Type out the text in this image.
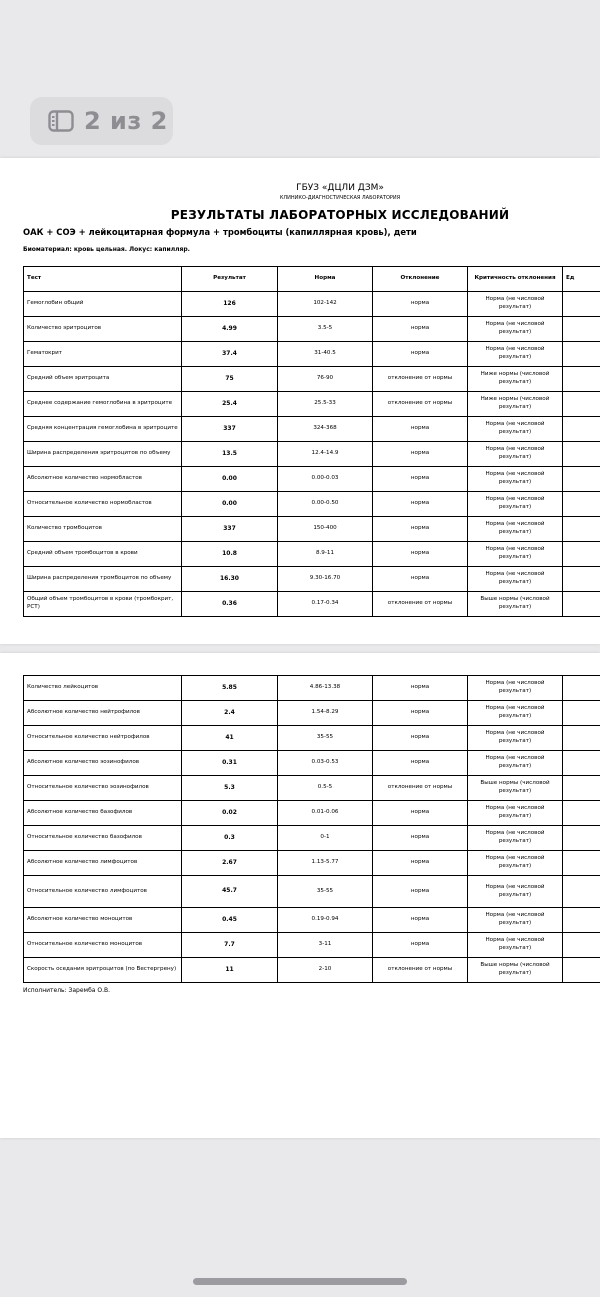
2 из 2
ГБУЗ «ДЦЛИ ДЗМ»
КЛИНИКО-ДИАГНОСТИЧЕСКАЯ ЛАБОРАТОРИЯ
РЕЗУЛЬТАТЫ ЛАБОРАТОРНЫХ ИССЛЕДОВАНИЙ
ОАК + СОЭ + лейкоцитарная формула + тромбоциты (капиллярная кровь), дети
Биоматериал: кровь цельная. Локус: капилляр.
Тест	Результат	Норма	Отклонение	Критичность отклонения	Ед
Гемоглобин общий	126	102-142	норма	Норма (не числовой результат)	
Количество эритроцитов	4.99	3.5-5	норма	Норма (не числовой результат)	
Гематокрит	37.4	31-40.5	норма	Норма (не числовой результат)	
Средний объем эритроцита	75	76-90	отклонение от нормы	Ниже нормы (числовой результат)	
Среднее содержание гемоглобина в эритроците	25.4	25.5-33	отклонение от нормы	Ниже нормы (числовой результат)	
Средняя концентрация гемоглобина в эритроците	337	324-368	норма	Норма (не числовой результат)	
Ширина распределения эритроцитов по объему	13.5	12.4-14.9	норма	Норма (не числовой результат)	
Абсолютное количество нормобластов	0.00	0.00-0.03	норма	Норма (не числовой результат)	
Относительное количество нормобластов	0.00	0.00-0.50	норма	Норма (не числовой результат)	
Количество тромбоцитов	337	150-400	норма	Норма (не числовой результат)	
Средний объем тромбоцитов в крови	10.8	8.9-11	норма	Норма (не числовой результат)	
Ширина распределения тромбоцитов по объему	16.30	9.30-16.70	норма	Норма (не числовой результат)	
Общий объем тромбоцитов в крови (тромбокрит, PCT)	0.36	0.17-0.34	отклонение от нормы	Выше нормы (числовой результат)	
Количество лейкоцитов	5.85	4.86-13.38	норма	Норма (не числовой результат)	
Абсолютное количество нейтрофилов	2.4	1.54-8.29	норма	Норма (не числовой результат)	
Относительное количество нейтрофилов	41	35-55	норма	Норма (не числовой результат)	
Абсолютное количество эозинофилов	0.31	0.03-0.53	норма	Норма (не числовой результат)	
Относительное количество эозинофилов	5.3	0.5-5	отклонение от нормы	Выше нормы (числовой результат)	
Абсолютное количество базофилов	0.02	0.01-0.06	норма	Норма (не числовой результат)	
Относительное количество базофилов	0.3	0-1	норма	Норма (не числовой результат)	
Абсолютное количество лимфоцитов	2.67	1.13-5.77	норма	Норма (не числовой результат)	
Относительное количество лимфоцитов	45.7	35-55	норма	Норма (не числовой результат)	
Абсолютное количество моноцитов	0.45	0.19-0.94	норма	Норма (не числовой результат)	
Относительное количество моноцитов	7.7	3-11	норма	Норма (не числовой результат)	
Скорость оседания эритроцитов (по Вестергрену)	11	2-10	отклонение от нормы	Выше нормы (числовой результат)	
Исполнитель: Заремба О.В.
